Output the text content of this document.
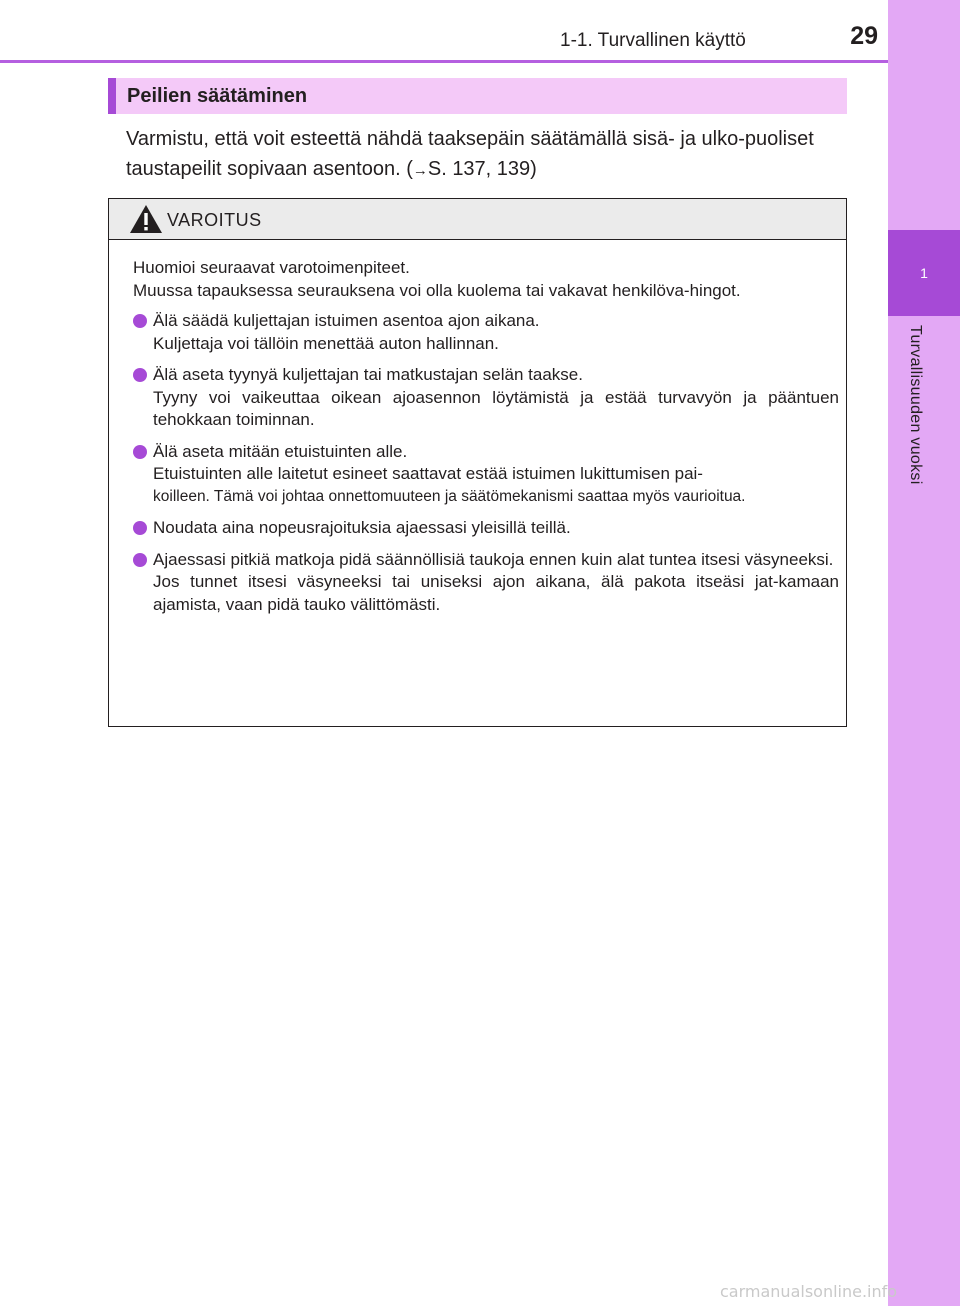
1
Turvallisuuden vuoksi
1-1. Turvallinen käyttö	29
Peilien säätäminen
Varmistu, että voit esteettä nähdä taaksepäin säätämällä sisä- ja ulko-puoliset taustapeilit sopivaan asentoon. (→S. 137, 139)
VAROITUS

Huomioi seuraavat varotoimenpiteet.

Muussa tapauksessa seurauksena voi olla kuolema tai vakavat henkilöva-hingot.

Älä säädä kuljettajan istuimen asentoa ajon aikana.

Kuljettaja voi tällöin menettää auton hallinnan.

Älä aseta tyynyä kuljettajan tai matkustajan selän taakse.

Tyyny voi vaikeuttaa oikean ajoasennon löytämistä ja estää turvavyön ja pääntuen tehokkaan toiminnan.

Älä aseta mitään etuistuinten alle.

Etuistuinten alle laitetut esineet saattavat estää istuimen lukittumisen pai-

koilleen. Tämä voi johtaa onnettomuuteen ja säätömekanismi saattaa myös vaurioitua.

Noudata aina nopeusrajoituksia ajaessasi yleisillä teillä.

Ajaessasi pitkiä matkoja pidä säännöllisiä taukoja ennen kuin alat tuntea itsesi väsyneeksi.

Jos tunnet itsesi väsyneeksi tai uniseksi ajon aikana, älä pakota itseäsi jat-kamaan ajamista, vaan pidä tauko välittömästi.

carmanualsonline.info
